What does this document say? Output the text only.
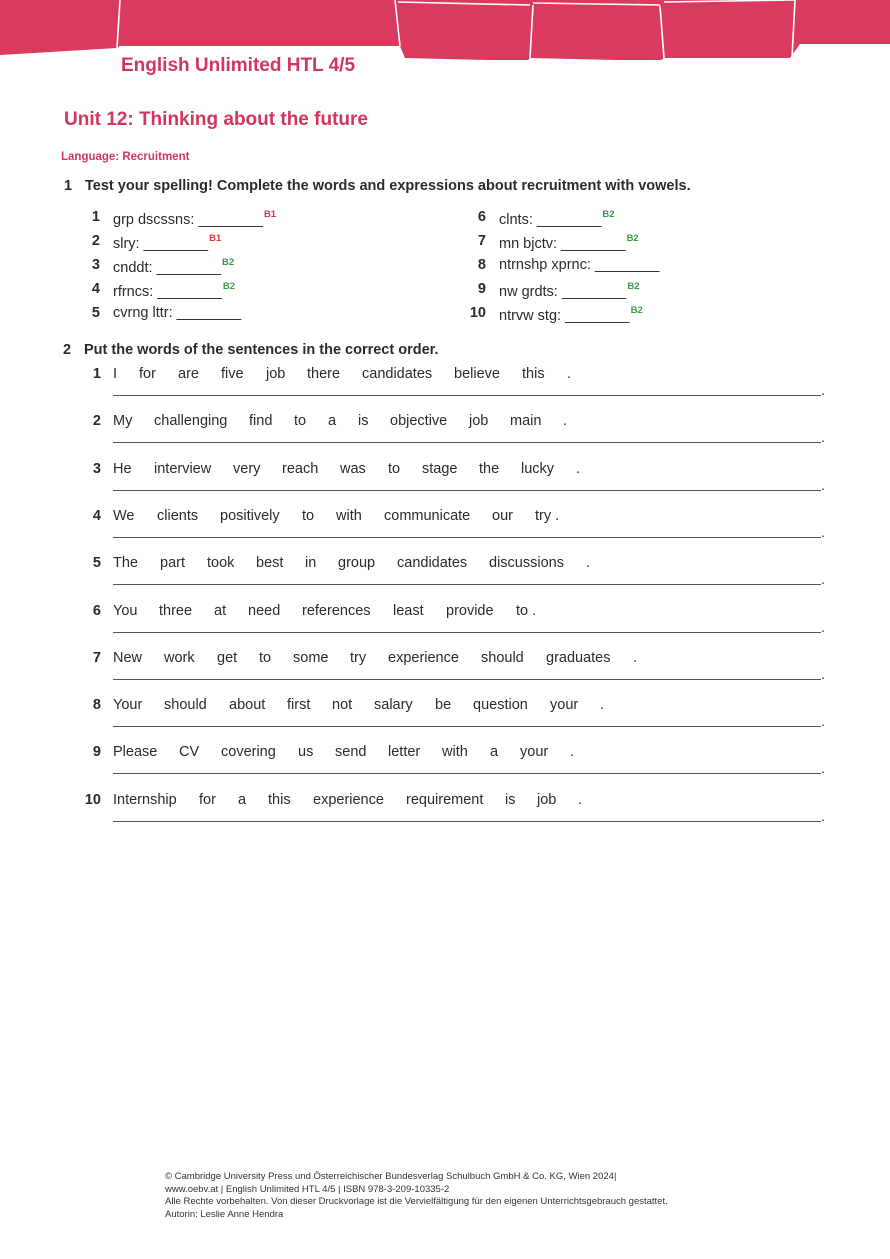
English Unlimited HTL 4/5
Unit 12: Thinking about the future
Language: Recruitment
1 Test your spelling! Complete the words and expressions about recruitment with vowels.
1 grp dscssns: ________$^{B1}$
2 slry: ________$^{B1}$
3 cnddt: ________$^{B2}$
4 rfrncs: ________$^{B2}$
5 cvrng lttr: ________
6 clnts: ________$^{B2}$
7 mn bjctv: ________$^{B2}$
8 ntrnshp xprnc: ________
9 nw grdts: ________$^{B2}$
10 ntrvw stg: ________$^{B2}$
2 Put the words of the sentences in the correct order.
1 I for are five job there candidates believe this .
.
2 My challenging find to a is objective job main .
.
3 He interview very reach was to stage the lucky .
.
4 We clients positively to with communicate our try .
.
5 The part took best in group candidates discussions .
.
6 You three at need references least provide to .
.
7 New work get to some try experience should graduates .
.
8 Your should about first not salary be question your .
.
9 Please CV covering us send letter with a your .
.
10 Internship for a this experience requirement is job .
.
© Cambridge University Press und Österreichischer Bundesverlag Schulbuch GmbH & Co. KG, Wien 2024|
www.oebv.at | English Unlimited HTL 4/5 | ISBN 978-3-209-10335-2
Alle Rechte vorbehalten. Von dieser Druckvorlage ist die Vervielfältigung für den eigenen Unterrichtsgebrauch gestattet.
Autorin: Leslie Anne Hendra
